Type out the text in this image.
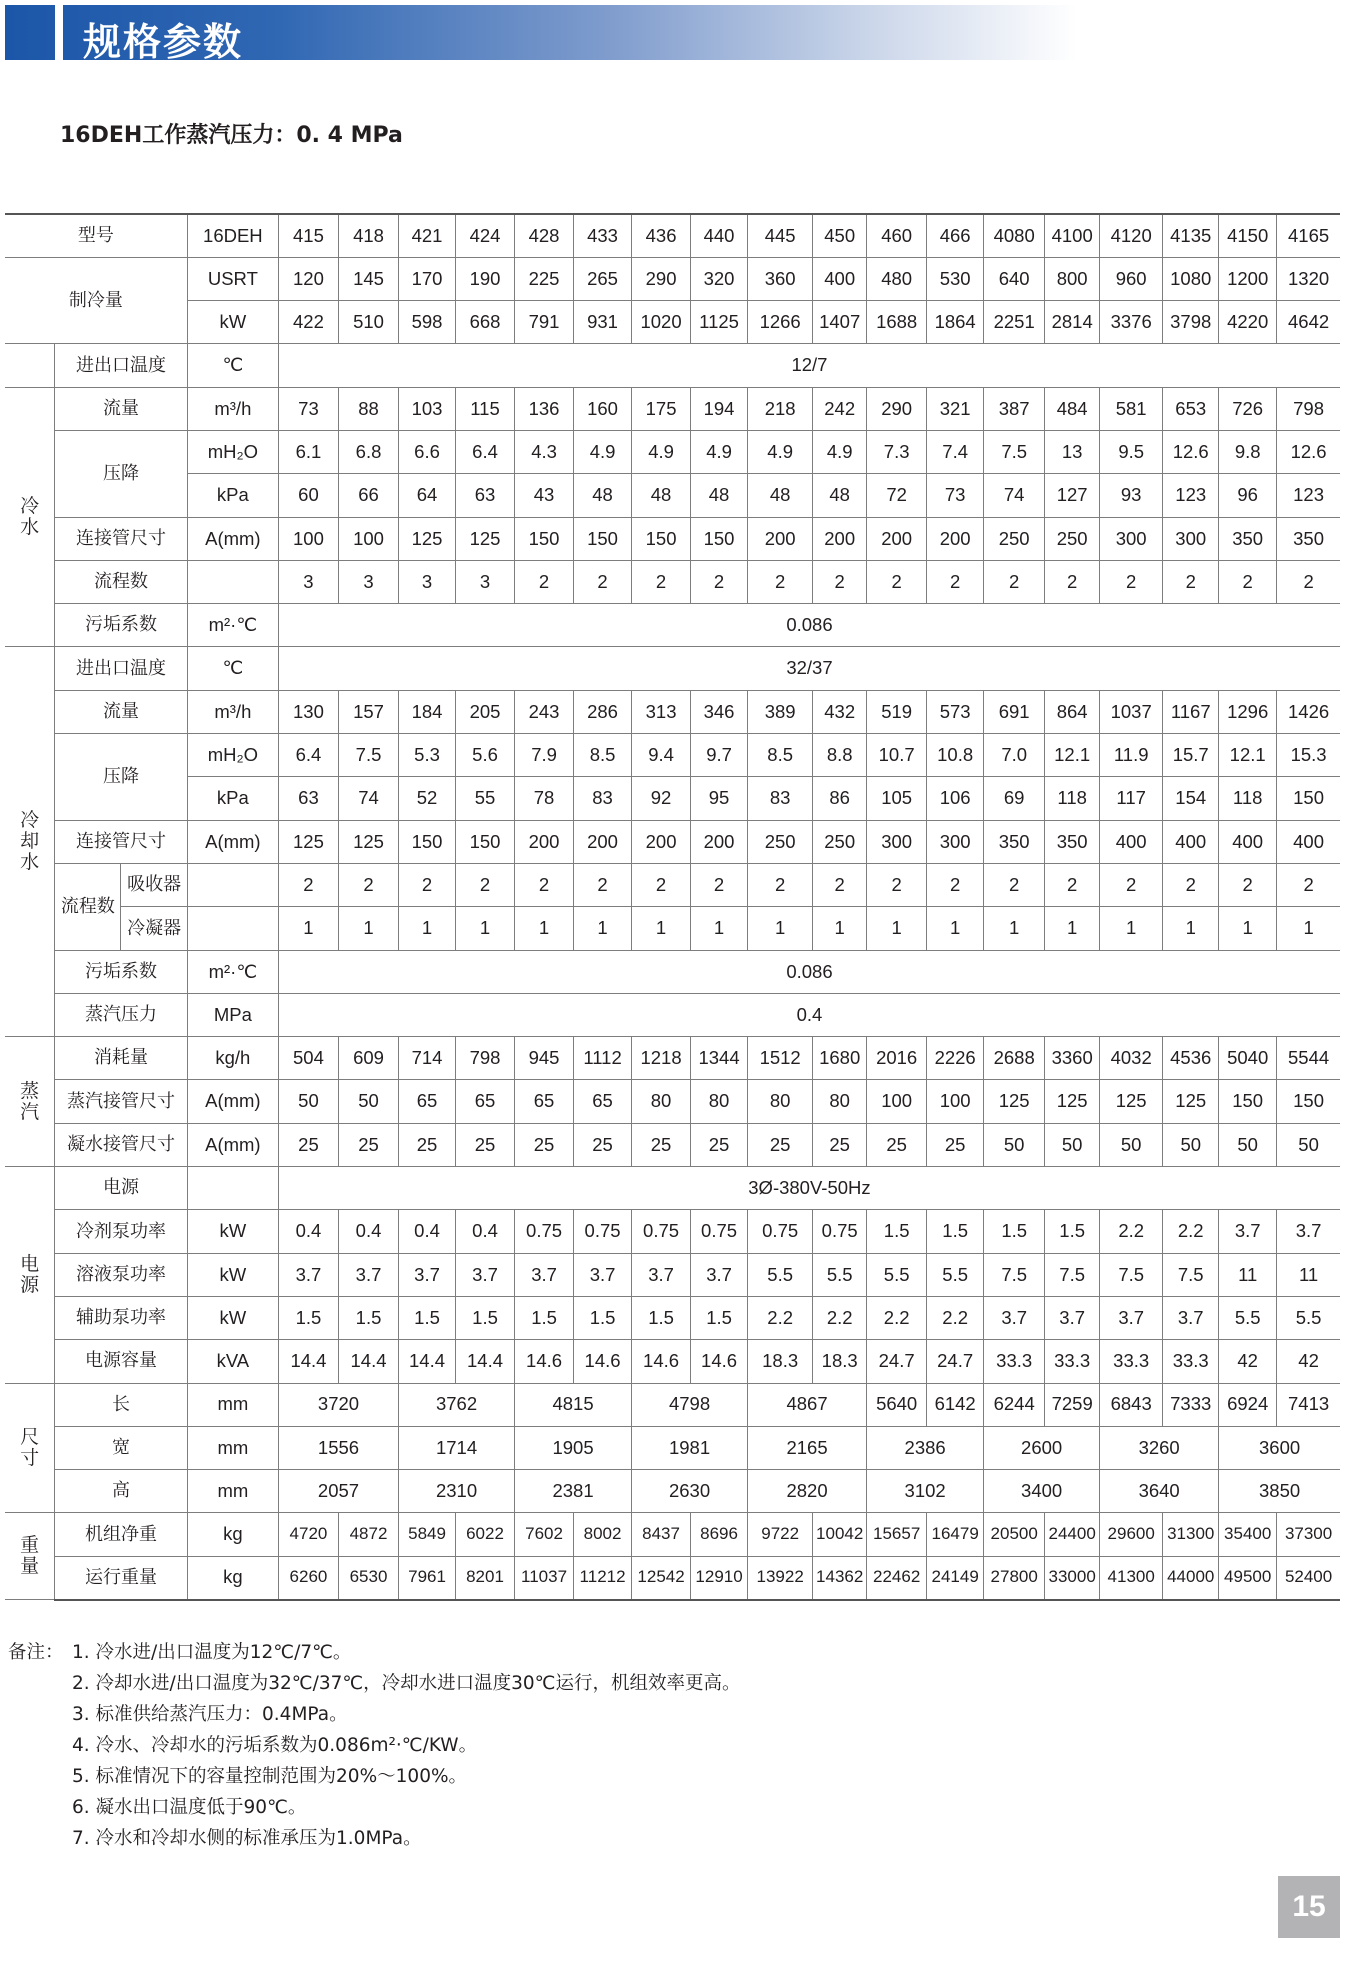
规格参数
16DEH工作蒸汽压力：0. 4 MPa
型号			16DEH	415	418	421	424	428	433	436	440	445	450	460	466	4080	4100	4120	4135	4150	4165
制冷量			USRT	120	145	170	190	225	265	290	320	360	400	480	530	640	800	960	1080	1200	1320
			kW	422	510	598	668	791	931	1020	1125	1266	1407	1688	1864	2251	2814	3376	3798	4220	4642
	进出口温度		℃	12/7																	

冷
水	流量		m³/h	73	88	103	115	136	160	175	194	218	242	290	321	387	484	581	653	726	798
	压降		mH₂O	6.1	6.8	6.6	6.4	4.3	4.9	4.9	4.9	4.9	4.9	7.3	7.4	7.5	13	9.5	12.6	9.8	12.6
			kPa	60	66	64	63	43	48	48	48	48	48	72	73	74	127	93	123	96	123
	连接管尺寸		A(mm)	100	100	125	125	150	150	150	150	200	200	200	200	250	250	300	300	350	350
	流程数			3	3	3	3	2	2	2	2	2	2	2	2	2	2	2	2	2	2
	污垢系数		m²·℃	0.086																	

冷
却
水	进出口温度		℃	32/37																	
	流量		m³/h	130	157	184	205	243	286	313	346	389	432	519	573	691	864	1037	1167	1296	1426
	压降		mH₂O	6.4	7.5	5.3	5.6	7.9	8.5	9.4	9.7	8.5	8.8	10.7	10.8	7.0	12.1	11.9	15.7	12.1	15.3
			kPa	63	74	52	55	78	83	92	95	83	86	105	106	69	118	117	154	118	150
	连接管尺寸		A(mm)	125	125	150	150	200	200	200	200	250	250	300	300	350	350	400	400	400	400
	流程数	吸收器		2	2	2	2	2	2	2	2	2	2	2	2	2	2	2	2	2	2
		冷凝器		1	1	1	1	1	1	1	1	1	1	1	1	1	1	1	1	1	1
	污垢系数		m²·℃	0.086																	
	蒸汽压力		MPa	0.4																	

蒸
汽	消耗量		kg/h	504	609	714	798	945	1112	1218	1344	1512	1680	2016	2226	2688	3360	4032	4536	5040	5544
	蒸汽接管尺寸		A(mm)	50	50	65	65	65	65	80	80	80	80	100	100	125	125	125	125	150	150
	凝水接管尺寸		A(mm)	25	25	25	25	25	25	25	25	25	25	25	25	50	50	50	50	50	50

电
源	电源			3Ø-380V-50Hz																	
	冷剂泵功率		kW	0.4	0.4	0.4	0.4	0.75	0.75	0.75	0.75	0.75	0.75	1.5	1.5	1.5	1.5	2.2	2.2	3.7	3.7
	溶液泵功率		kW	3.7	3.7	3.7	3.7	3.7	3.7	3.7	3.7	5.5	5.5	5.5	5.5	7.5	7.5	7.5	7.5	11	11
	辅助泵功率		kW	1.5	1.5	1.5	1.5	1.5	1.5	1.5	1.5	2.2	2.2	2.2	2.2	3.7	3.7	3.7	3.7	5.5	5.5
	电源容量		kVA	14.4	14.4	14.4	14.4	14.6	14.6	14.6	14.6	18.3	18.3	24.7	24.7	33.3	33.3	33.3	33.3	42	42

尺
寸	长		mm	3720		3762		4815		4798		4867		5640	6142	6244	7259	6843	7333	6924	7413
	宽		mm	1556		1714		1905		1981		2165		2386		2600		3260		3600	
	高		mm	2057		2310		2381		2630		2820		3102		3400		3640		3850	

重
量	机组净重		kg	4720	4872	5849	6022	7602	8002	8437	8696	9722	10042	15657	16479	20500	24400	29600	31300	35400	37300
	运行重量		kg	6260	6530	7961	8201	11037	11212	12542	12910	13922	14362	22462	24149	27800	33000	41300	44000	49500	52400
备注： 1. 冷水进/出口温度为12℃/7℃。
2. 冷却水进/出口温度为32℃/37℃，冷却水进口温度30℃运行，机组效率更高。
3. 标准供给蒸汽压力：0.4MPa。
4. 冷水、冷却水的污垢系数为0.086m²·℃/KW。
5. 标准情况下的容量控制范围为20%～100%。
6. 凝水出口温度低于90℃。
7. 冷水和冷却水侧的标准承压为1.0MPa。
15
